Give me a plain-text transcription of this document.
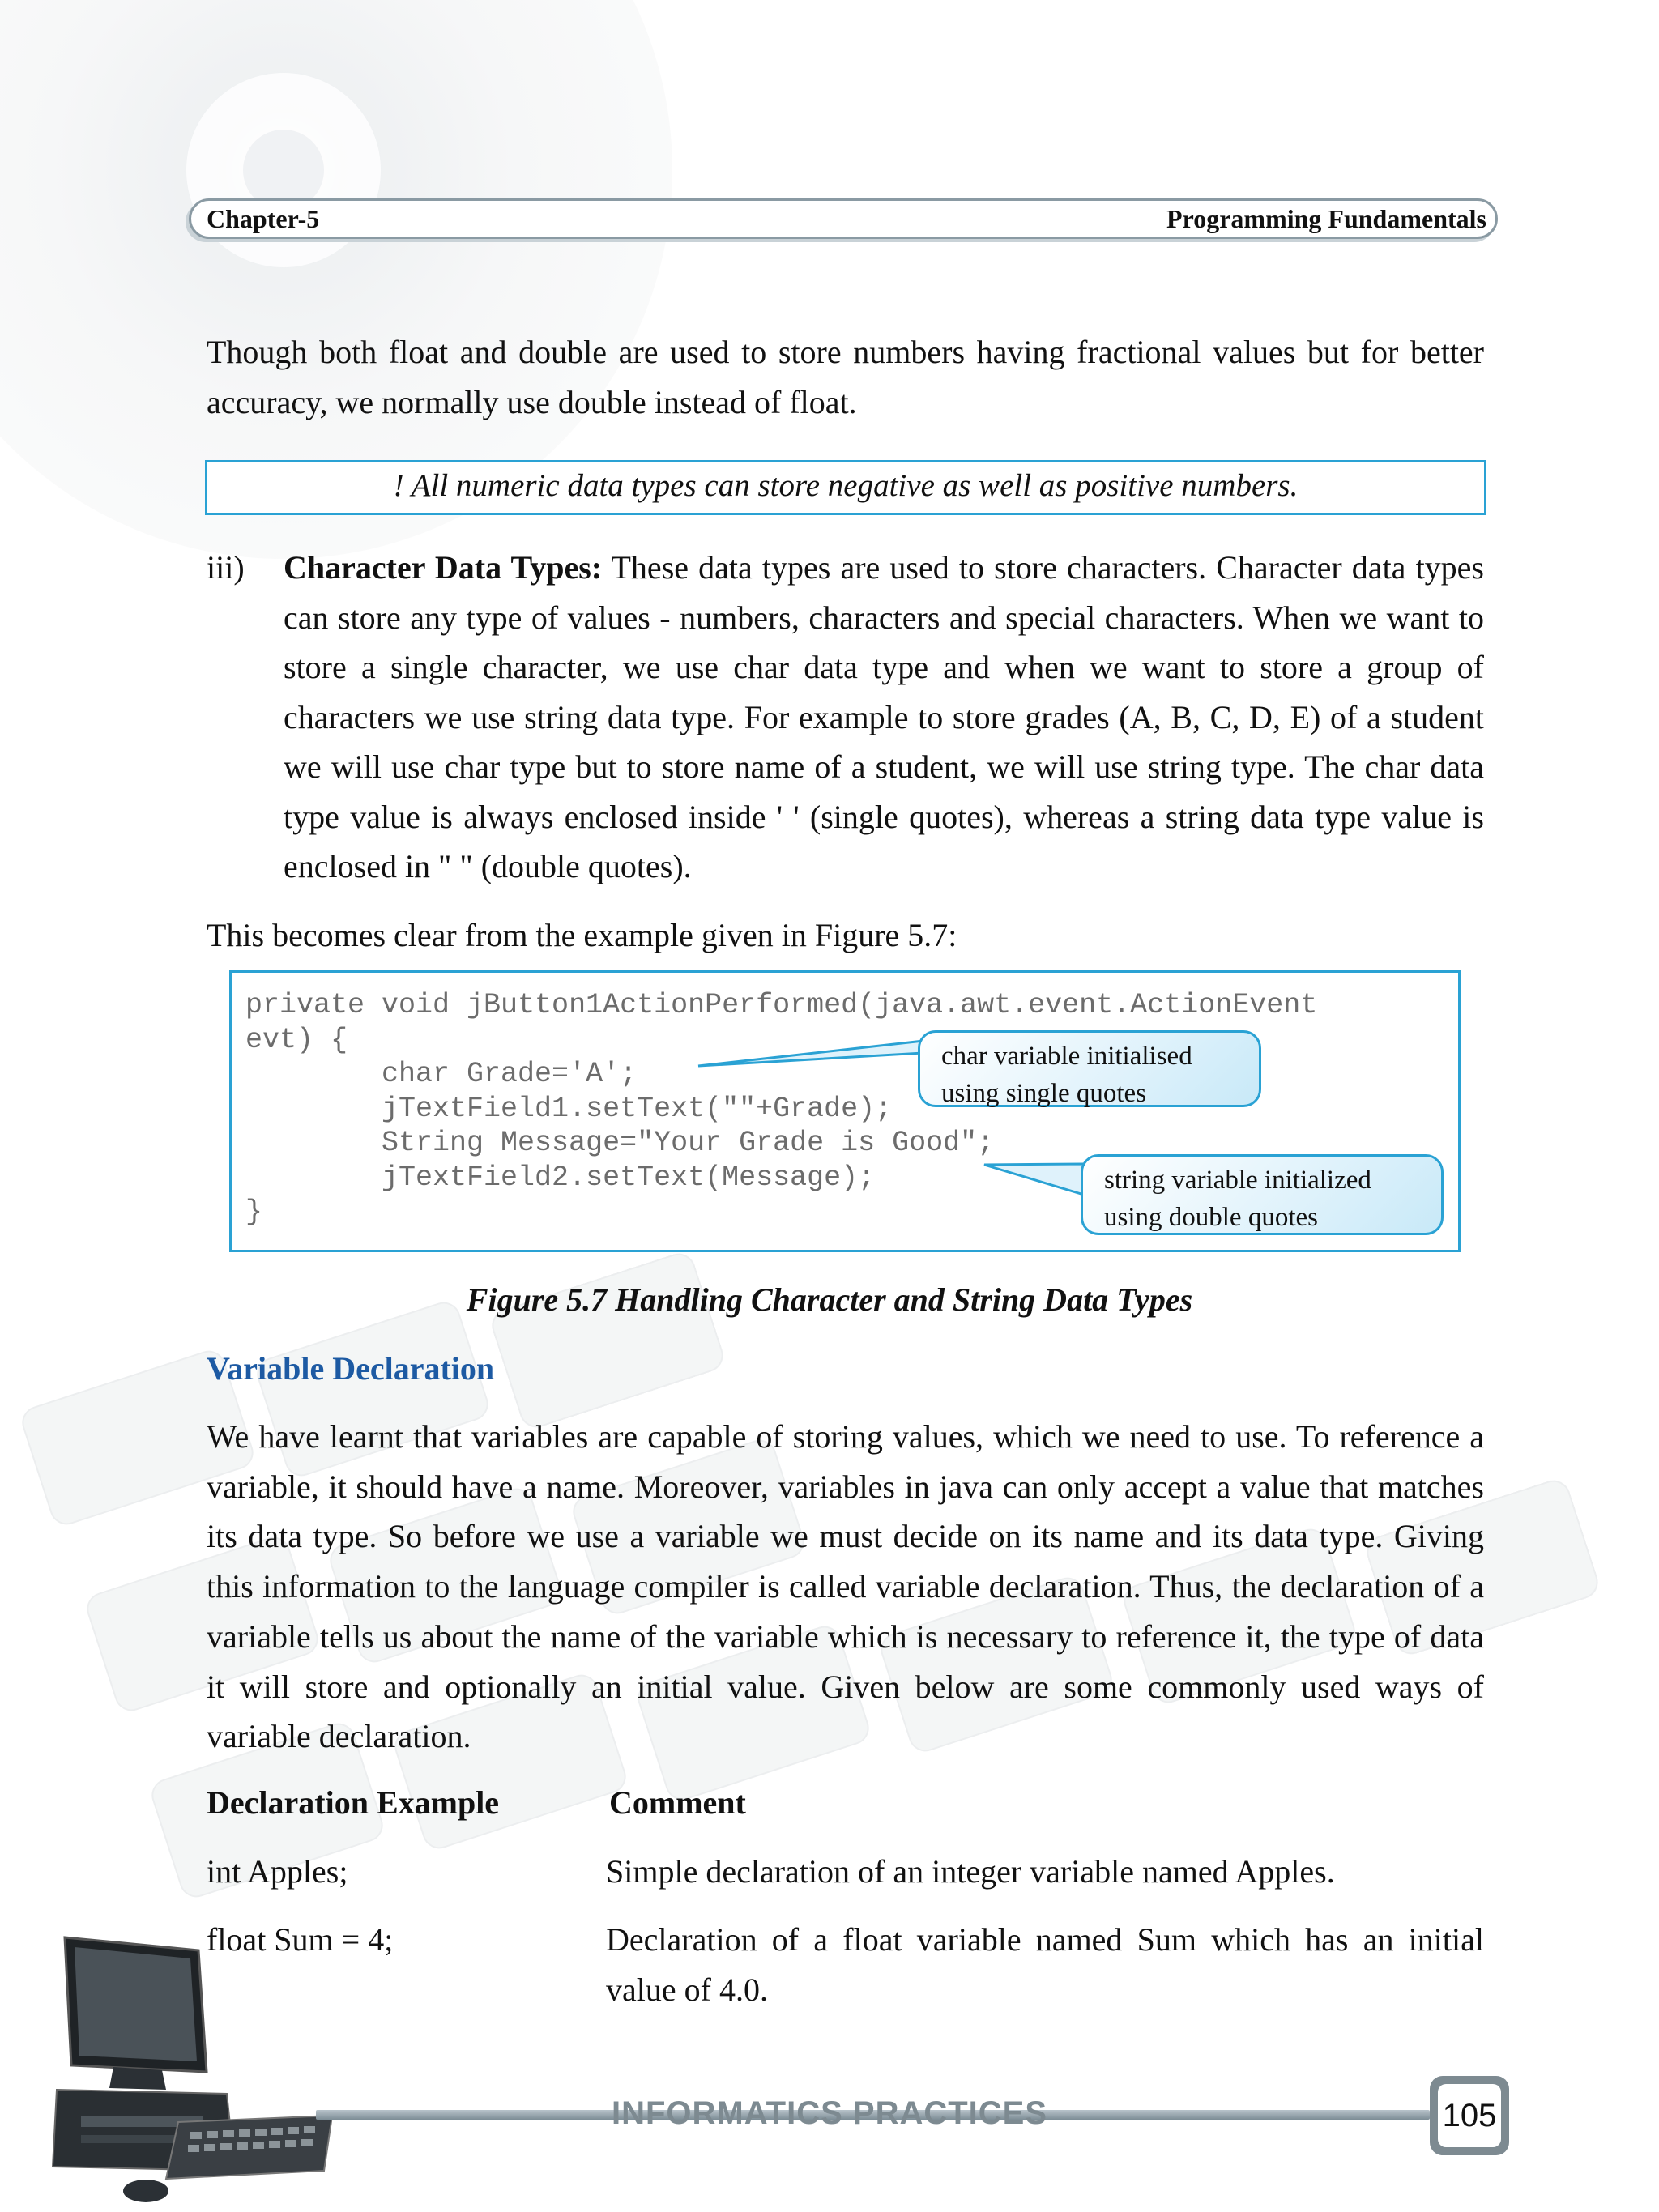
Chapter-5	Programming Fundamentals
Though both float and double are used to store numbers having fractional values but for better accuracy, we normally use double instead of float.
! All numeric data types can store negative as well as positive numbers.
iii) Character Data Types: These data types are used to store characters. Character data types can store any type of values - numbers, characters and special characters. When we want to store a single character, we use char data type and when we want to store a group of characters we use string data type. For example to store grades (A, B, C, D, E) of a student we will use char type but to store name of a student, we will use string type. The char data type value is always enclosed inside ' ' (single quotes), whereas a string data type value is enclosed in " " (double quotes).
This becomes clear from the example given in Figure 5.7:
private void jButton1ActionPerformed(java.awt.event.ActionEvent
evt) {
char Grade='A';
jTextField1.setText(""+Grade);
String Message="Your Grade is Good";
jTextField2.setText(Message);
}
char variable initialised
using single quotes
string variable initialized
using double quotes
Figure 5.7 Handling Character and String Data Types
Variable Declaration
We have learnt that variables are capable of storing values, which we need to use. To reference a variable, it should have a name. Moreover, variables in java can only accept a value that matches its data type. So before we use a variable we must decide on its name and its data type. Giving this information to the language compiler is called variable declaration. Thus, the declaration of a variable tells us about the name of the variable which is necessary to reference it, the type of data it will store and optionally an initial value. Given below are some commonly used ways of variable declaration.
Declaration Example	Comment
int Apples;	Simple declaration of an integer variable named Apples.
float Sum = 4;	Declaration of a float variable named Sum which has an initial value of 4.0.
INFORMATICS PRACTICES	105
